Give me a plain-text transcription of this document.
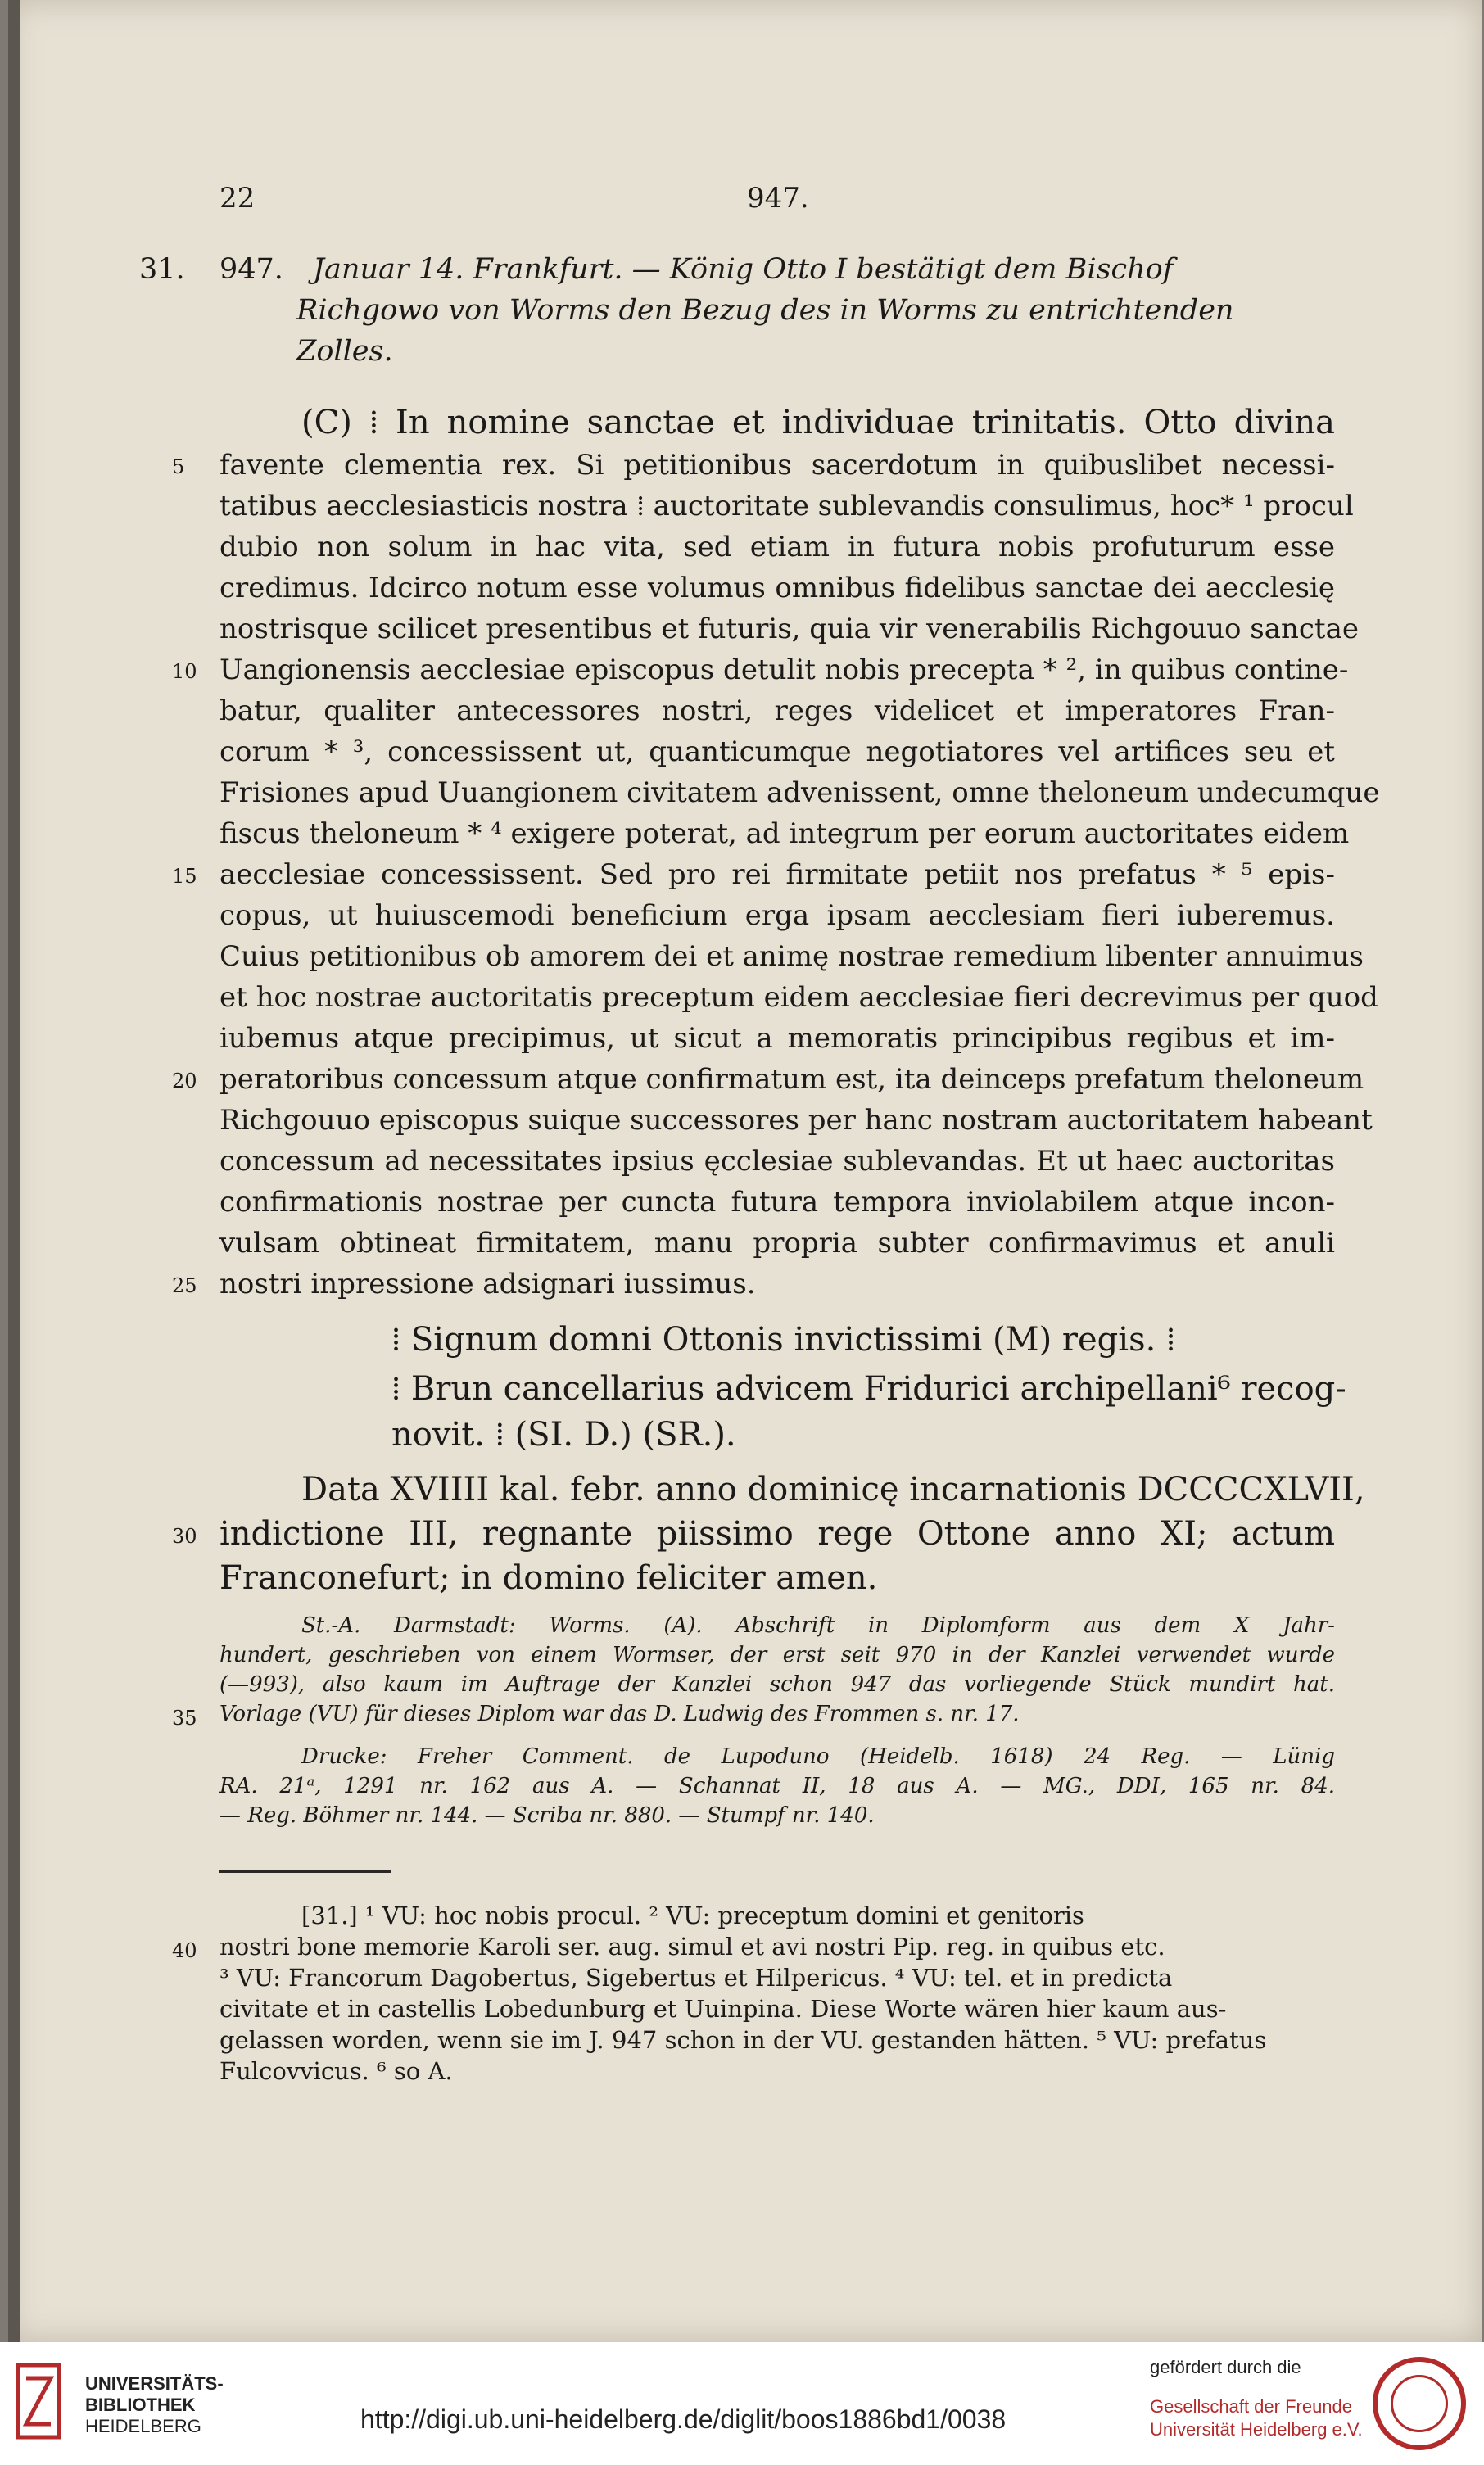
22	947.
31. 947. Januar 14. Frankfurt. — König Otto I bestätigt dem Bischof
Richgowo von Worms den Bezug des in Worms zu entrichtenden
Zolles.
(C) ⁞ In nomine sanctae et individuae trinitatis. Otto divina
favente clementia rex. Si petitionibus sacerdotum in quibuslibet necessi-
tatibus aecclesiasticis nostra ⁞ auctoritate sublevandis consulimus, hoc* ¹ procul
dubio non solum in hac vita, sed etiam in futura nobis profuturum esse
credimus. Idcirco notum esse volumus omnibus fidelibus sanctae dei aecclesię
nostrisque scilicet presentibus et futuris, quia vir venerabilis Richgouuo sanctae
Uangionensis aecclesiae episcopus detulit nobis precepta * ², in quibus contine-
batur, qualiter antecessores nostri, reges videlicet et imperatores Fran-
corum * ³, concessissent ut, quanticumque negotiatores vel artifices seu et
Frisiones apud Uuangionem civitatem advenissent, omne theloneum undecumque
fiscus theloneum * ⁴ exigere poterat, ad integrum per eorum auctoritates eidem
aecclesiae concessissent. Sed pro rei firmitate petiit nos prefatus * ⁵ epis-
copus, ut huiuscemodi beneficium erga ipsam aecclesiam fieri iuberemus.
Cuius petitionibus ob amorem dei et animę nostrae remedium libenter annuimus
et hoc nostrae auctoritatis preceptum eidem aecclesiae fieri decrevimus per quod
iubemus atque precipimus, ut sicut a memoratis principibus regibus et im-
peratoribus concessum atque confirmatum est, ita deinceps prefatum theloneum
Richgouuo episcopus suique successores per hanc nostram auctoritatem habeant
concessum ad necessitates ipsius ęcclesiae sublevandas. Et ut haec auctoritas
confirmationis nostrae per cuncta futura tempora inviolabilem atque incon-
vulsam obtineat firmitatem, manu propria subter confirmavimus et anuli
nostri inpressione adsignari iussimus.
⁞ Signum domni Ottonis invictissimi (M) regis. ⁞
⁞ Brun cancellarius advicem Fridurici archipellani⁶ recog-
novit. ⁞ (SI. D.) (SR.).
Data XVIIII kal. febr. anno dominicę incarnationis DCCCCXLVII,
indictione III, regnante piissimo rege Ottone anno XI; actum
Franconefurt; in domino feliciter amen.
St.-A. Darmstadt: Worms. (A). Abschrift in Diplomform aus dem X Jahr-
hundert, geschrieben von einem Wormser, der erst seit 970 in der Kanzlei verwendet wurde
(—993), also kaum im Auftrage der Kanzlei schon 947 das vorliegende Stück mundirt hat.
Vorlage (VU) für dieses Diplom war das D. Ludwig des Frommen s. nr. 17.
Drucke: Freher Comment. de Lupoduno (Heidelb. 1618) 24 Reg. — Lünig
RA. 21ᵃ, 1291 nr. 162 aus A. — Schannat II, 18 aus A. — MG., DDI, 165 nr. 84.
— Reg. Böhmer nr. 144. — Scriba nr. 880. — Stumpf nr. 140.
5
10
15
20
25
30
35
40
[31.] ¹ VU: hoc nobis procul. ² VU: preceptum domini et genitoris
nostri bone memorie Karoli ser. aug. simul et avi nostri Pip. reg. in quibus etc.
³ VU: Francorum Dagobertus, Sigebertus et Hilpericus. ⁴ VU: tel. et in predicta
civitate et in castellis Lobedunburg et Uuinpina. Diese Worte wären hier kaum aus-
gelassen worden, wenn sie im J. 947 schon in der VU. gestanden hätten. ⁵ VU: prefatus
Fulcovvicus. ⁶ so A.
UNIVERSITÄTS-
BIBLIOTHEK
HEIDELBERG	http://digi.ub.uni-heidelberg.de/diglit/boos1886bd1/0038
gefördert durch die
Gesellschaft der Freunde
Universität Heidelberg e.V.
